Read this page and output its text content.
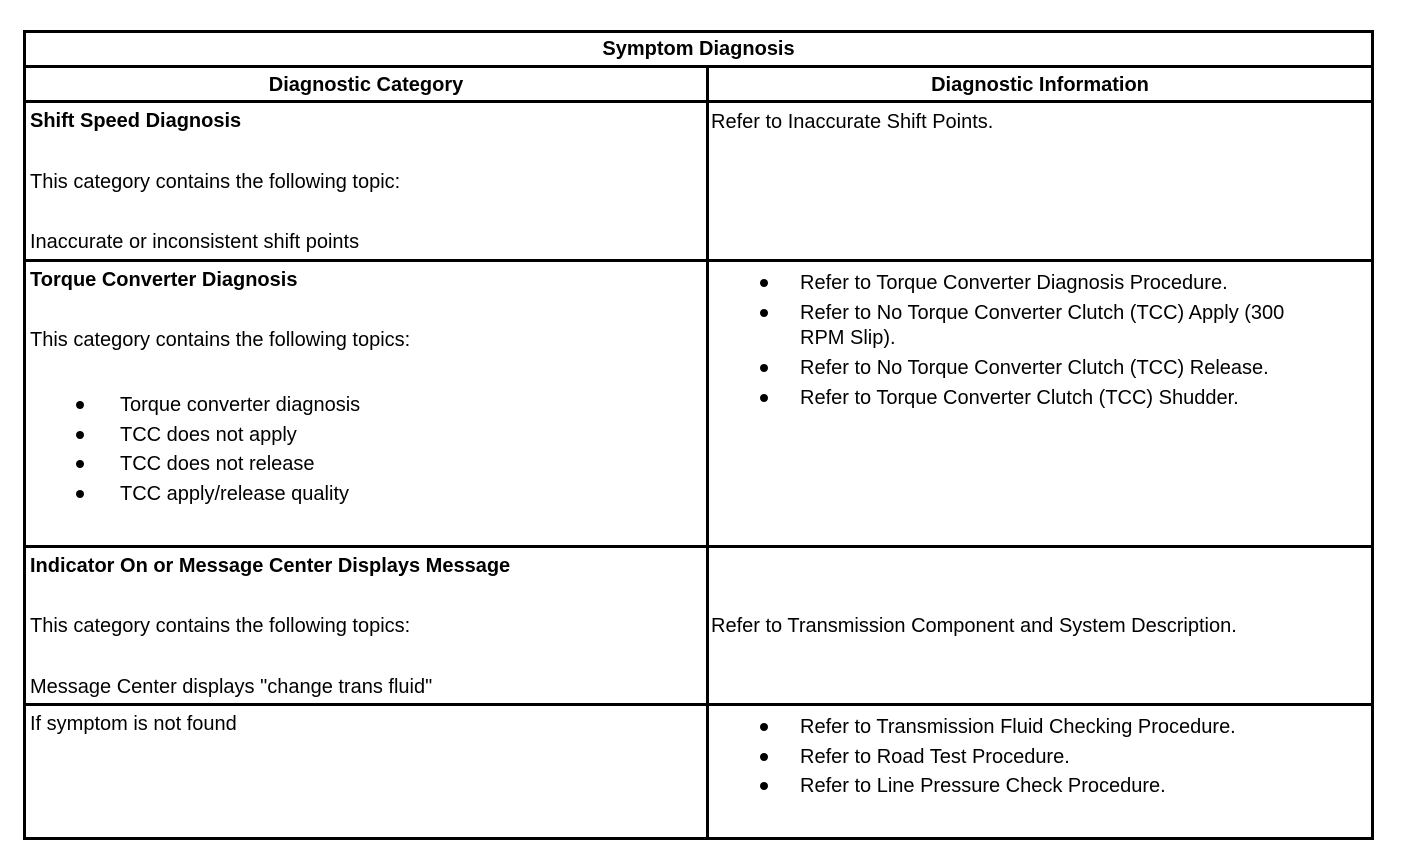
Symptom Diagnosis
Diagnostic Category	Diagnostic Information
Shift Speed Diagnosis
This category contains the following topic:
Inaccurate or inconsistent shift points
Refer to Inaccurate Shift Points.
Torque Converter Diagnosis
This category contains the following topics:
Torque converter diagnosis
TCC does not apply
TCC does not release
TCC apply/release quality
Refer to Torque Converter Diagnosis Procedure.
Refer to No Torque Converter Clutch (TCC) Apply (300
RPM Slip).
Refer to No Torque Converter Clutch (TCC) Release.
Refer to Torque Converter Clutch (TCC) Shudder.
Indicator On or Message Center Displays Message
This category contains the following topics:
Message Center displays "change trans fluid"
Refer to Transmission Component and System Description.
If symptom is not found	Refer to Transmission Fluid Checking Procedure.
Refer to Road Test Procedure.
Refer to Line Pressure Check Procedure.
